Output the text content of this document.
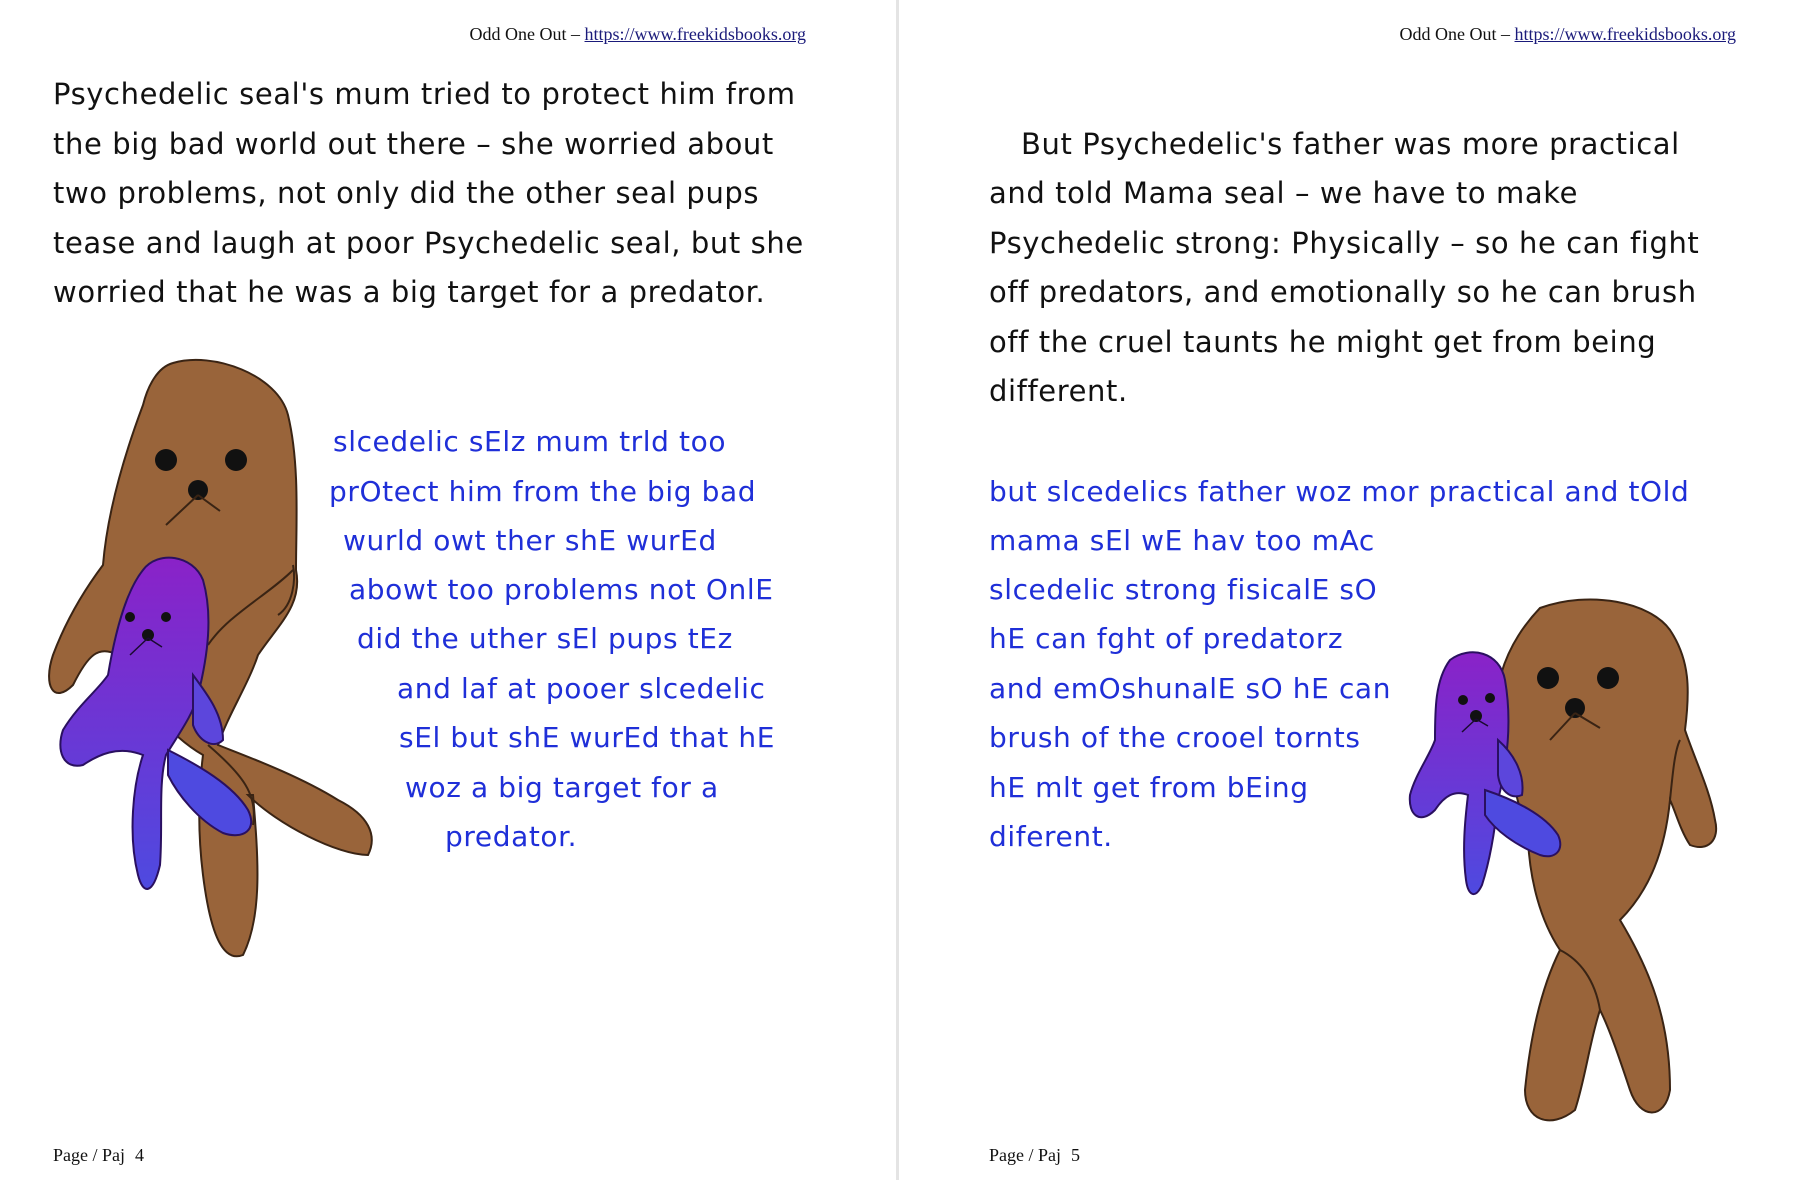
Odd One Out – https://www.freekidsbooks.org
Psychedelic seal's mum tried to protect him from
the big bad world out there – she worried about
two problems, not only did the other seal pups
tease and laugh at poor Psychedelic seal, but she
worried that he was a big target for a predator.
slcedelic sElz mum trld too
prOtect him from the big bad
wurld owt ther shE wurEd
abowt too problems not OnlE
did the uther sEl pups tEz
and laf at pooer slcedelic
sEl but shE wurEd that hE
woz a big target for a
predator.
Page / Paj 4
Odd One Out – https://www.freekidsbooks.org
But Psychedelic's father was more practical
and told Mama seal – we have to make
Psychedelic strong: Physically – so he can fight
off predators, and emotionally so he can brush
off the cruel taunts he might get from being
different.
but slcedelics father woz mor practical and tOld
mama sEl wE hav too mAc
slcedelic strong fisicalE sO
hE can fght of predatorz
and emOshunalE sO hE can
brush of the crooel tornts
hE mlt get from bEing
diferent.
Page / Paj 5
